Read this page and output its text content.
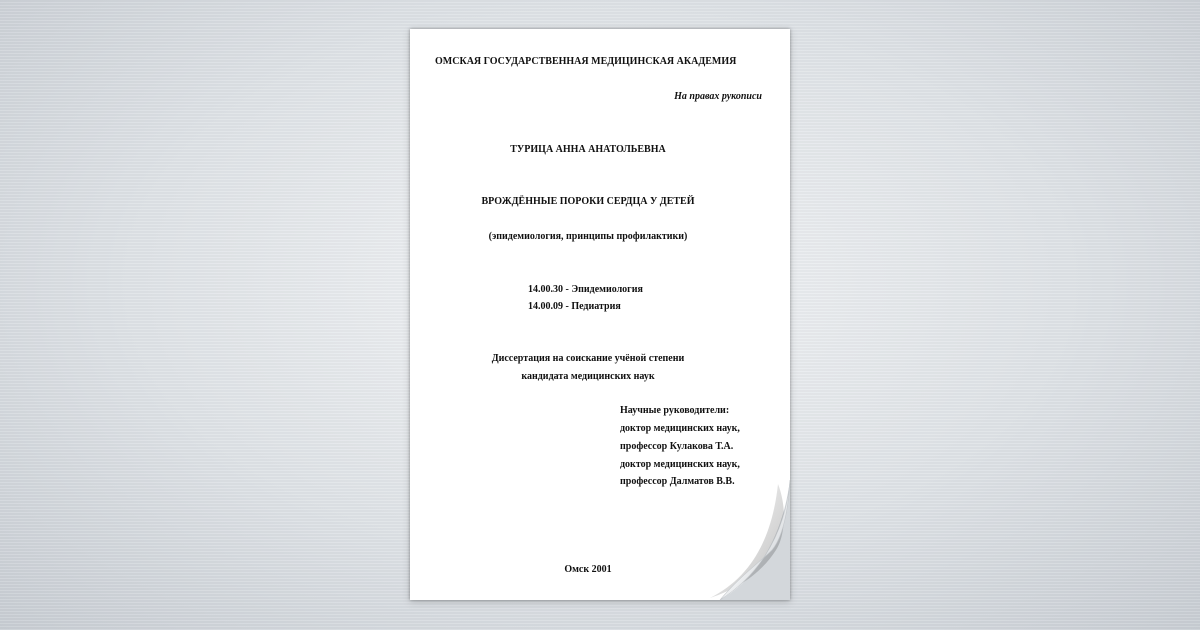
ОМСКАЯ ГОСУДАРСТВЕННАЯ МЕДИЦИНСКАЯ АКАДЕМИЯ
На правах рукописи
ТУРИЦА АННА АНАТОЛЬЕВНА
ВРОЖДЁННЫЕ ПОРОКИ СЕРДЦА У ДЕТЕЙ
(эпидемиология, принципы профилактики)
14.00.30 - Эпидемиология
14.00.09 - Педиатрия
Диссертация на соискание учёной степени
кандидата медицинских наук
Научные руководители:
доктор медицинских наук,
профессор Кулакова Т.А.
доктор медицинских наук,
профессор Далматов В.В.
Омск 2001
